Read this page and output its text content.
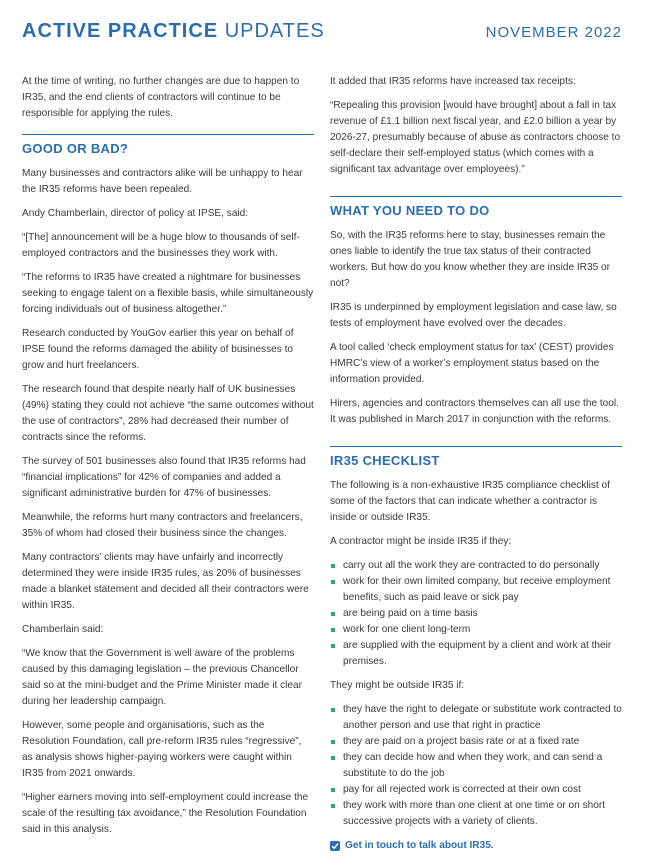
ACTIVE PRACTICE UPDATES	NOVEMBER 2022

At the time of writing, no further changes are due to happen to IR35, and the end clients of contractors will continue to be responsible for applying the rules.

GOOD OR BAD?

Many businesses and contractors alike will be unhappy to hear the IR35 reforms have been repealed.

Andy Chamberlain, director of policy at IPSE, said:

“[The] announcement will be a huge blow to thousands of self-employed contractors and the businesses they work with.

“The reforms to IR35 have created a nightmare for businesses seeking to engage talent on a flexible basis, while simultaneously forcing individuals out of business altogether.”

Research conducted by YouGov earlier this year on behalf of IPSE found the reforms damaged the ability of businesses to grow and hurt freelancers.

The research found that despite nearly half of UK businesses (49%) stating they could not achieve “the same outcomes without the use of contractors”, 28% had decreased their number of contracts since the reforms.

The survey of 501 businesses also found that IR35 reforms had “financial implications” for 42% of companies and added a significant administrative burden for 47% of businesses.

Meanwhile, the reforms hurt many contractors and freelancers, 35% of whom had closed their business since the changes.

Many contractors’ clients may have unfairly and incorrectly determined they were inside IR35 rules, as 20% of businesses made a blanket statement and decided all their contractors were within IR35.

Chamberlain said:

“We know that the Government is well aware of the problems caused by this damaging legislation – the previous Chancellor said so at the mini-budget and the Prime Minister made it clear during her leadership campaign.

However, some people and organisations, such as the Resolution Foundation, call pre-reform IR35 rules “regressive”, as analysis shows higher-paying workers were caught within IR35 from 2021 onwards.

“Higher earners moving into self-employment could increase the scale of the resulting tax avoidance,” the Resolution Foundation said in this analysis.

It added that IR35 reforms have increased tax receipts:

“Repealing this provision [would have brought] about a fall in tax revenue of £1.1 billion next fiscal year, and £2.0 billion a year by 2026-27, presumably because of abuse as contractors choose to self-declare their self-employed status (which comes with a significant tax advantage over employees).”

WHAT YOU NEED TO DO

So, with the IR35 reforms here to stay, businesses remain the ones liable to identify the true tax status of their contracted workers. But how do you know whether they are inside IR35 or not?

IR35 is underpinned by employment legislation and case law, so tests of employment have evolved over the decades.

A tool called ‘check employment status for tax’ (CEST) provides HMRC’s view of a worker’s employment status based on the information provided.

Hirers, agencies and contractors themselves can all use the tool. It was published in March 2017 in conjunction with the reforms.

IR35 CHECKLIST

The following is a non-exhaustive IR35 compliance checklist of some of the factors that can indicate whether a contractor is inside or outside IR35.

A contractor might be inside IR35 if they:

carry out all the work they are contracted to do personally
work for their own limited company, but receive employment benefits, such as paid leave or sick pay
are being paid on a time basis
work for one client long-term
are supplied with the equipment by a client and work at their premises.

They might be outside IR35 if:

they have the right to delegate or substitute work contracted to another person and use that right in practice
they are paid on a project basis rate or at a fixed rate
they can decide how and when they work, and can send a substitute to do the job
pay for all rejected work is corrected at their own cost
they work with more than one client at one time or on short successive projects with a variety of clients.
Get in touch to talk about IR35.
